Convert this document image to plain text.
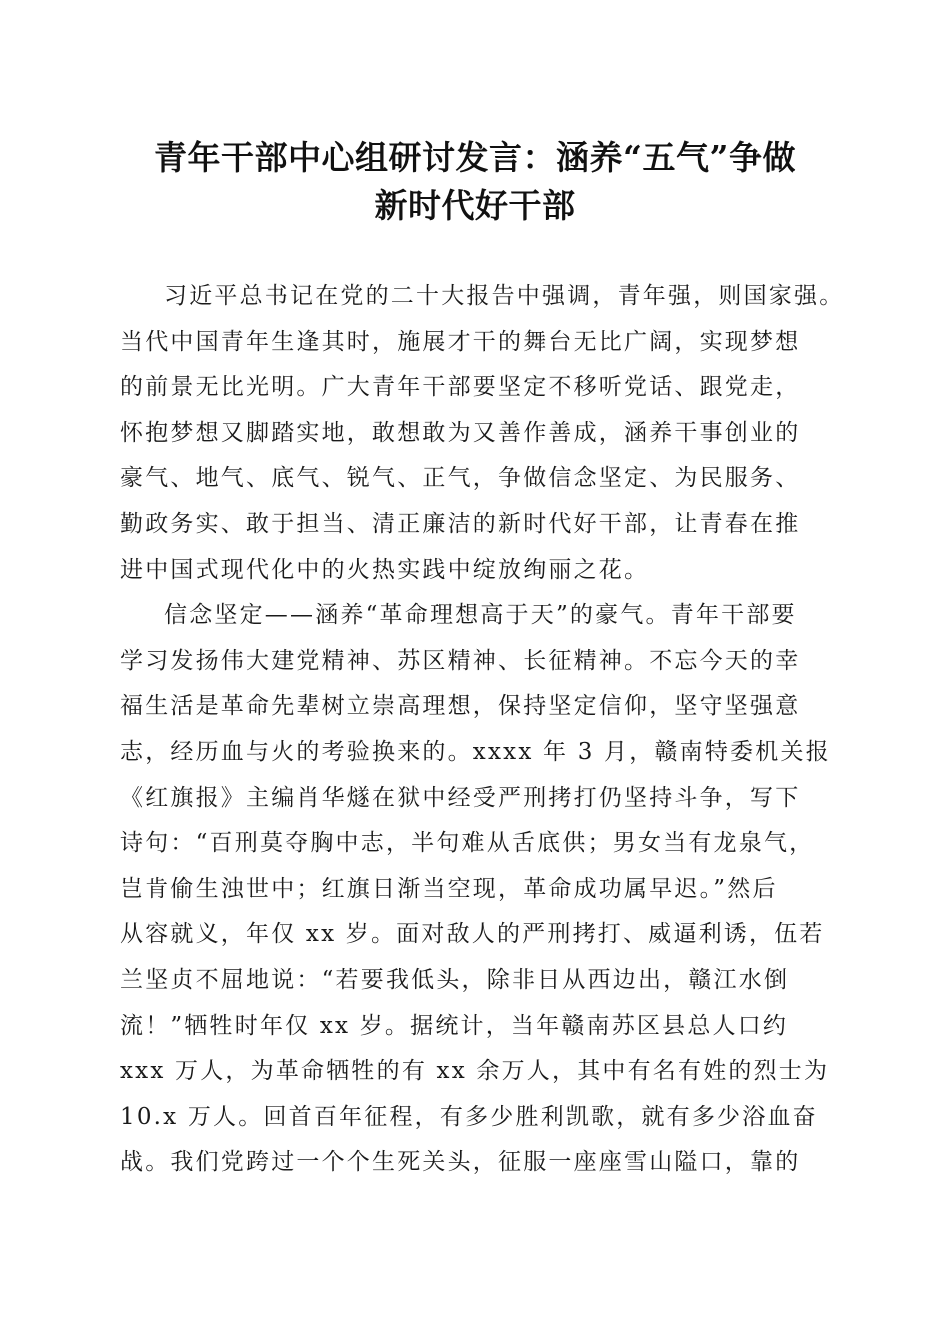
青年干部中心组研讨发言：涵养“五气”争做
新时代好干部
习近平总书记在党的二十大报告中强调，青年强，则国家强。
当代中国青年生逢其时，施展才干的舞台无比广阔，实现梦想
的前景无比光明。广大青年干部要坚定不移听党话、跟党走，
怀抱梦想又脚踏实地，敢想敢为又善作善成，涵养干事创业的
豪气、地气、底气、锐气、正气，争做信念坚定、为民服务、
勤政务实、敢于担当、清正廉洁的新时代好干部，让青春在推
进中国式现代化中的火热实践中绽放绚丽之花。
信念坚定——涵养“革命理想高于天”的豪气。青年干部要
学习发扬伟大建党精神、苏区精神、长征精神。不忘今天的幸
福生活是革命先辈树立崇高理想，保持坚定信仰，坚守坚强意
志，经历血与火的考验换来的。xxxx 年 3 月，赣南特委机关报
《红旗报》主编肖华燧在狱中经受严刑拷打仍坚持斗争，写下
诗句：“百刑莫夺胸中志，半句难从舌底供；男女当有龙泉气，
岂肯偷生浊世中；红旗日渐当空现，革命成功属早迟。”然后
从容就义，年仅 xx 岁。面对敌人的严刑拷打、威逼利诱，伍若
兰坚贞不屈地说：“若要我低头，除非日从西边出，赣江水倒
流！”牺牲时年仅 xx 岁。据统计，当年赣南苏区县总人口约
xxx 万人，为革命牺牲的有 xx 余万人，其中有名有姓的烈士为
10.x 万人。回首百年征程，有多少胜利凯歌，就有多少浴血奋
战。我们党跨过一个个生死关头，征服一座座雪山隘口，靠的
